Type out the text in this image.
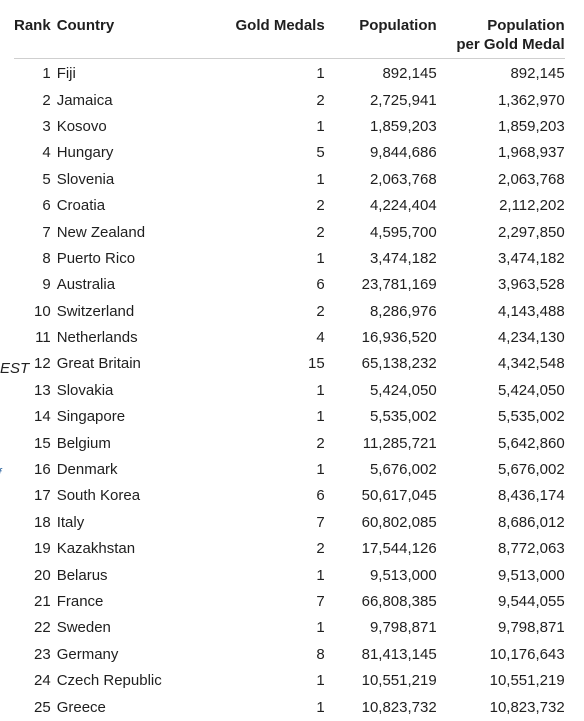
EST
Rank	Country	Gold Medals	Population	Population
per Gold Medal
1	Fiji	1	892,145	892,145
2	Jamaica	2	2,725,941	1,362,970
3	Kosovo	1	1,859,203	1,859,203
4	Hungary	5	9,844,686	1,968,937
5	Slovenia	1	2,063,768	2,063,768
6	Croatia	2	4,224,404	2,112,202
7	New Zealand	2	4,595,700	2,297,850
8	Puerto Rico	1	3,474,182	3,474,182
9	Australia	6	23,781,169	3,963,528
10	Switzerland	2	8,286,976	4,143,488
11	Netherlands	4	16,936,520	4,234,130
12	Great Britain	15	65,138,232	4,342,548
13	Slovakia	1	5,424,050	5,424,050
14	Singapore	1	5,535,002	5,535,002
15	Belgium	2	11,285,721	5,642,860
16	Denmark	1	5,676,002	5,676,002
17	South Korea	6	50,617,045	8,436,174
18	Italy	7	60,802,085	8,686,012
19	Kazakhstan	2	17,544,126	8,772,063
20	Belarus	1	9,513,000	9,513,000
21	France	7	66,808,385	9,544,055
22	Sweden	1	9,798,871	9,798,871
23	Germany	8	81,413,145	10,176,643
24	Czech Republic	1	10,551,219	10,551,219
25	Greece	1	10,823,732	10,823,732
